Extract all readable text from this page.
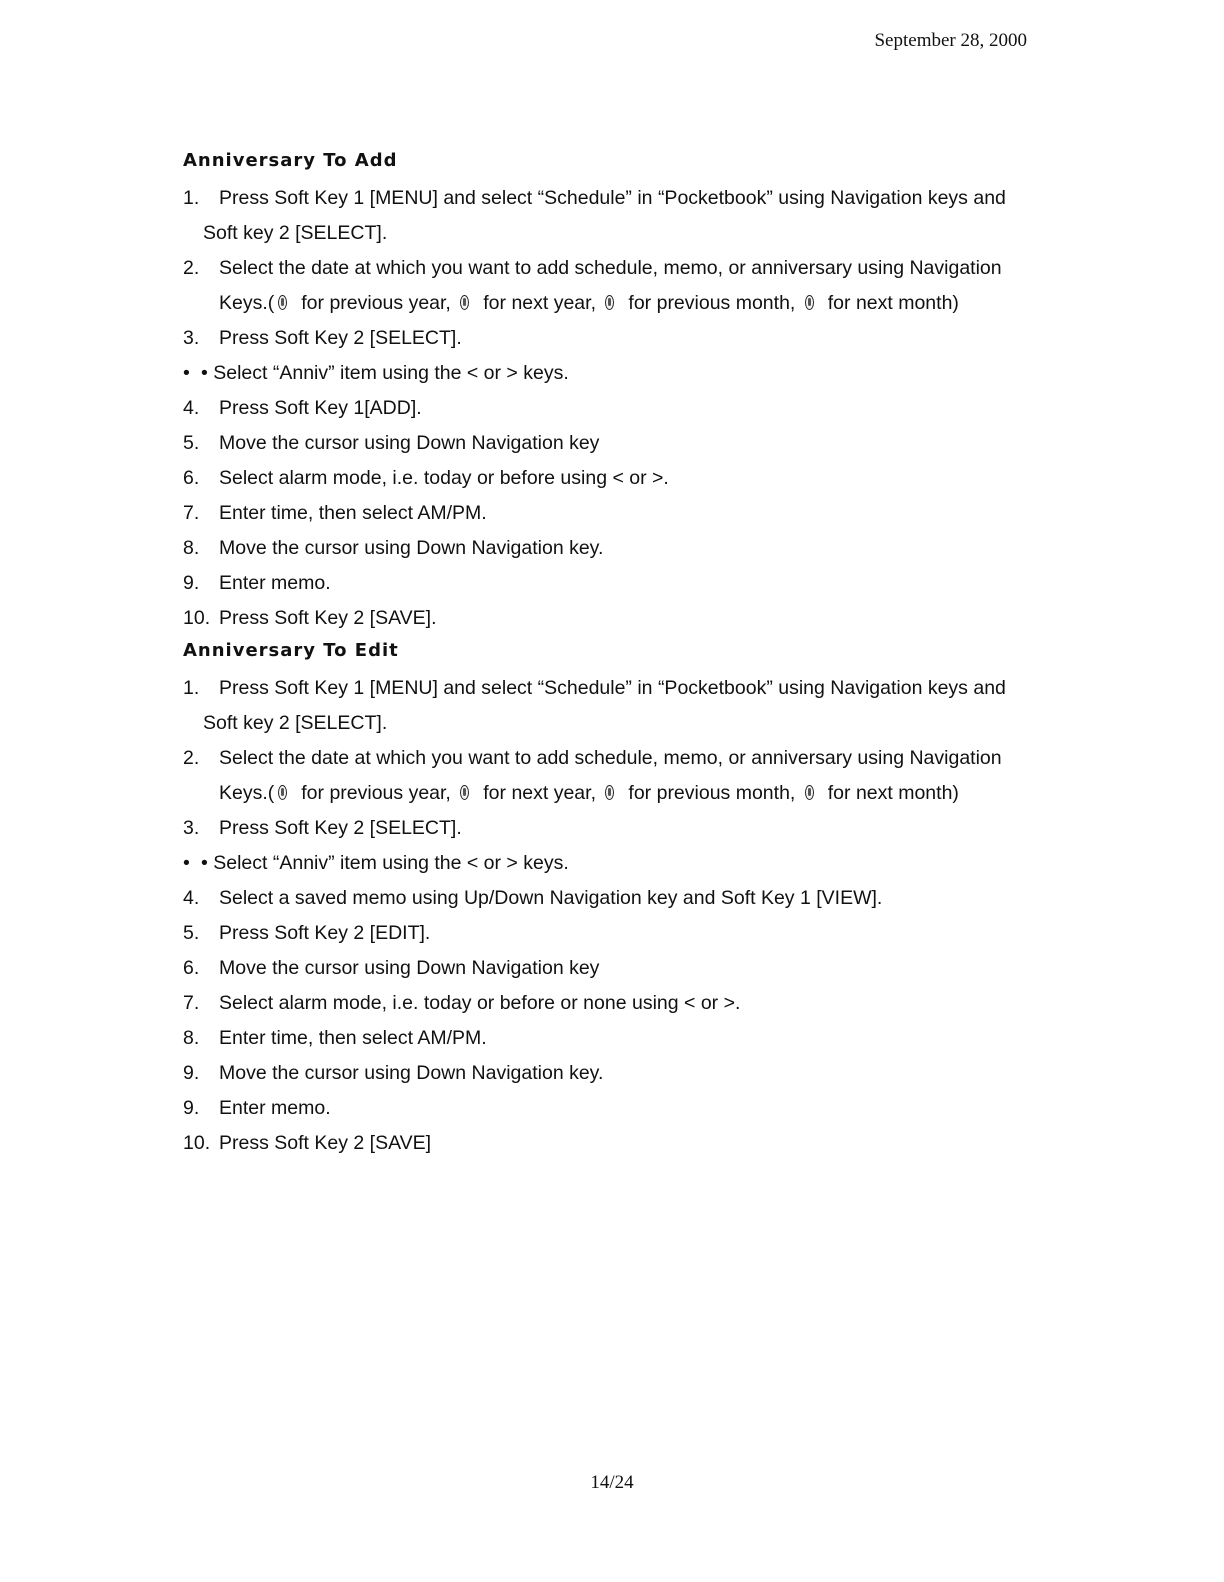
September 28, 2000
Anniversary To Add
1.	Press Soft Key 1 [MENU] and select “Schedule” in “Pocketbook” using Navigation keys and
Soft key 2 [SELECT].
2.	Select the date at which you want to add schedule, memo, or anniversary using Navigation
Keys.( for previous year, for next year, for previous month, for next month)
3.	Press Soft Key 2 [SELECT].
• • Select “Anniv” item using the < or > keys.
4.	Press Soft Key 1[ADD].
5.	Move the cursor using Down Navigation key
6.	Select alarm mode, i.e. today or before using < or >.
7.	Enter time, then select AM/PM.
8.	Move the cursor using Down Navigation key.
9.	Enter memo.
10. Press Soft Key 2 [SAVE].
Anniversary To Edit
1.	Press Soft Key 1 [MENU] and select “Schedule” in “Pocketbook” using Navigation keys and
Soft key 2 [SELECT].
2.	Select the date at which you want to add schedule, memo, or anniversary using Navigation
Keys.( for previous year, for next year, for previous month, for next month)
3.	Press Soft Key 2 [SELECT].
• • Select “Anniv” item using the < or > keys.
4.	Select a saved memo using Up/Down Navigation key and Soft Key 1 [VIEW].
5.	Press Soft Key 2 [EDIT].
6.	Move the cursor using Down Navigation key
7.	Select alarm mode, i.e. today or before or none using < or >.
8.	Enter time, then select AM/PM.
9.	Move the cursor using Down Navigation key.
9.	Enter memo.
10. Press Soft Key 2 [SAVE]
14/24
